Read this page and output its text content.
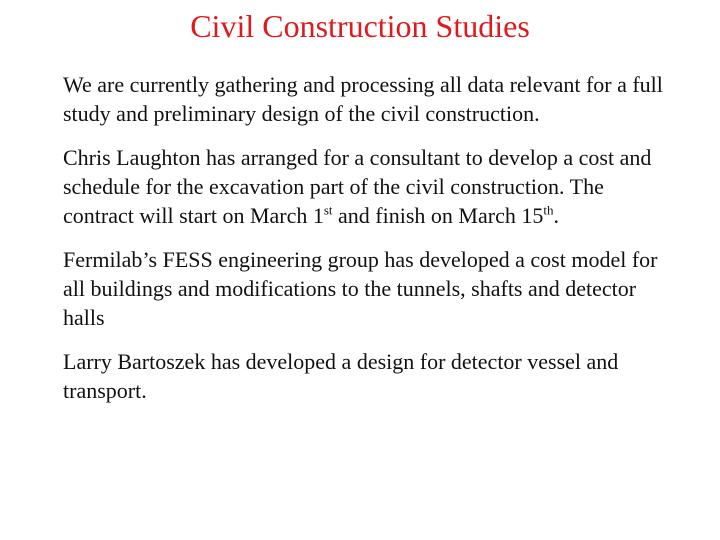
Civil Construction Studies

We are currently gathering and processing all data relevant for a full study and preliminary design of the civil construction.

Chris Laughton has arranged for a consultant to develop a cost and schedule for the excavation part of the civil construction. The contract will start on March 1st and finish on March 15th.

Fermilab’s FESS engineering group has developed a cost model for all buildings and modifications to the tunnels, shafts and detector halls

Larry Bartoszek has developed a design for detector vessel and transport.
